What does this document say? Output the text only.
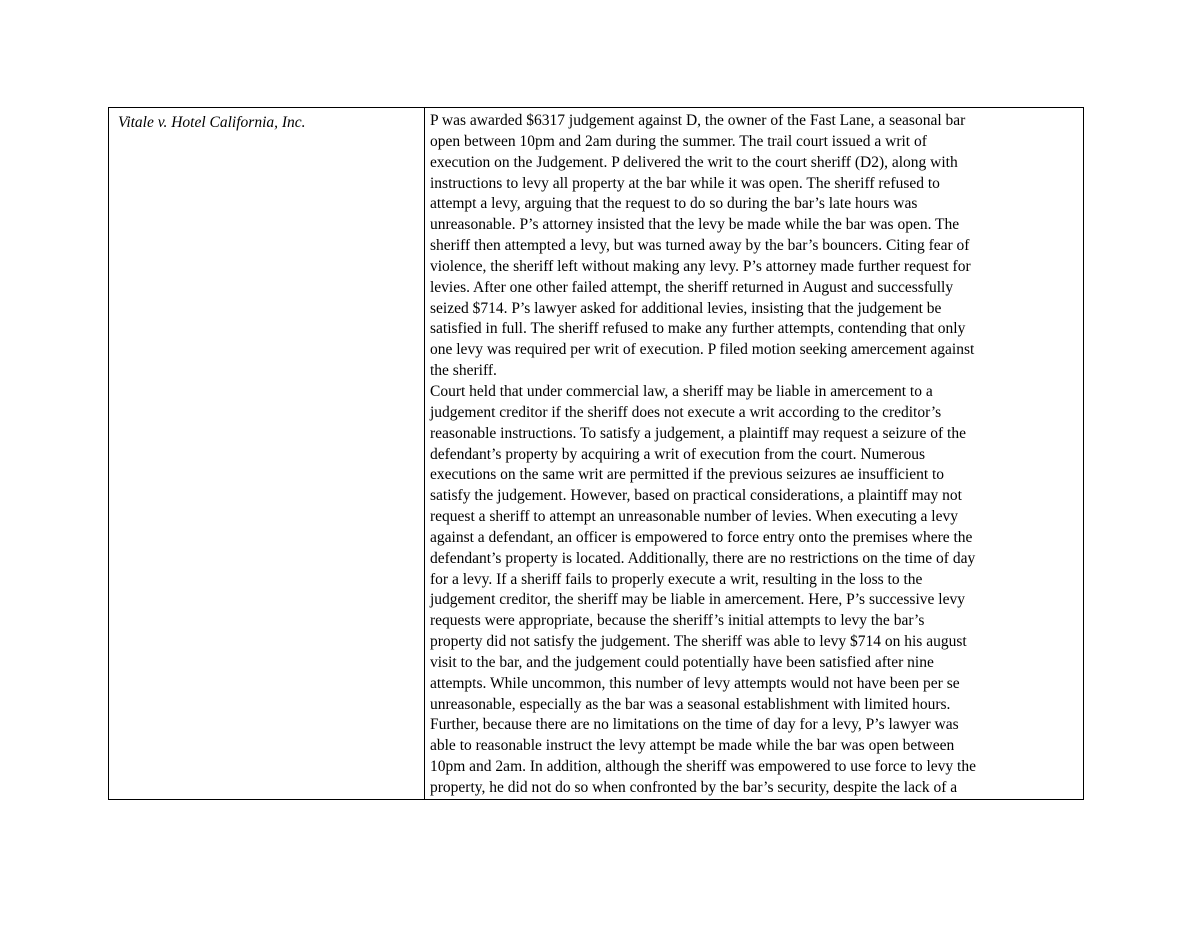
Vitale v. Hotel California, Inc.	P was awarded $6317 judgement against D, the owner of the Fast Lane, a seasonal bar
open between 10pm and 2am during the summer. The trail court issued a writ of
execution on the Judgement. P delivered the writ to the court sheriff (D2), along with
instructions to levy all property at the bar while it was open. The sheriff refused to
attempt a levy, arguing that the request to do so during the bar’s late hours was
unreasonable. P’s attorney insisted that the levy be made while the bar was open. The
sheriff then attempted a levy, but was turned away by the bar’s bouncers. Citing fear of
violence, the sheriff left without making any levy. P’s attorney made further request for
levies. After one other failed attempt, the sheriff returned in August and successfully
seized $714. P’s lawyer asked for additional levies, insisting that the judgement be
satisfied in full. The sheriff refused to make any further attempts, contending that only
one levy was required per writ of execution. P filed motion seeking amercement against
the sheriff.
Court held that under commercial law, a sheriff may be liable in amercement to a
judgement creditor if the sheriff does not execute a writ according to the creditor’s
reasonable instructions. To satisfy a judgement, a plaintiff may request a seizure of the
defendant’s property by acquiring a writ of execution from the court. Numerous
executions on the same writ are permitted if the previous seizures ae insufficient to
satisfy the judgement. However, based on practical considerations, a plaintiff may not
request a sheriff to attempt an unreasonable number of levies. When executing a levy
against a defendant, an officer is empowered to force entry onto the premises where the
defendant’s property is located. Additionally, there are no restrictions on the time of day
for a levy. If a sheriff fails to properly execute a writ, resulting in the loss to the
judgement creditor, the sheriff may be liable in amercement. Here, P’s successive levy
requests were appropriate, because the sheriff’s initial attempts to levy the bar’s
property did not satisfy the judgement. The sheriff was able to levy $714 on his august
visit to the bar, and the judgement could potentially have been satisfied after nine
attempts. While uncommon, this number of levy attempts would not have been per se
unreasonable, especially as the bar was a seasonal establishment with limited hours.
Further, because there are no limitations on the time of day for a levy, P’s lawyer was
able to reasonable instruct the levy attempt be made while the bar was open between
10pm and 2am. In addition, although the sheriff was empowered to use force to levy the
property, he did not do so when confronted by the bar’s security, despite the lack of a
